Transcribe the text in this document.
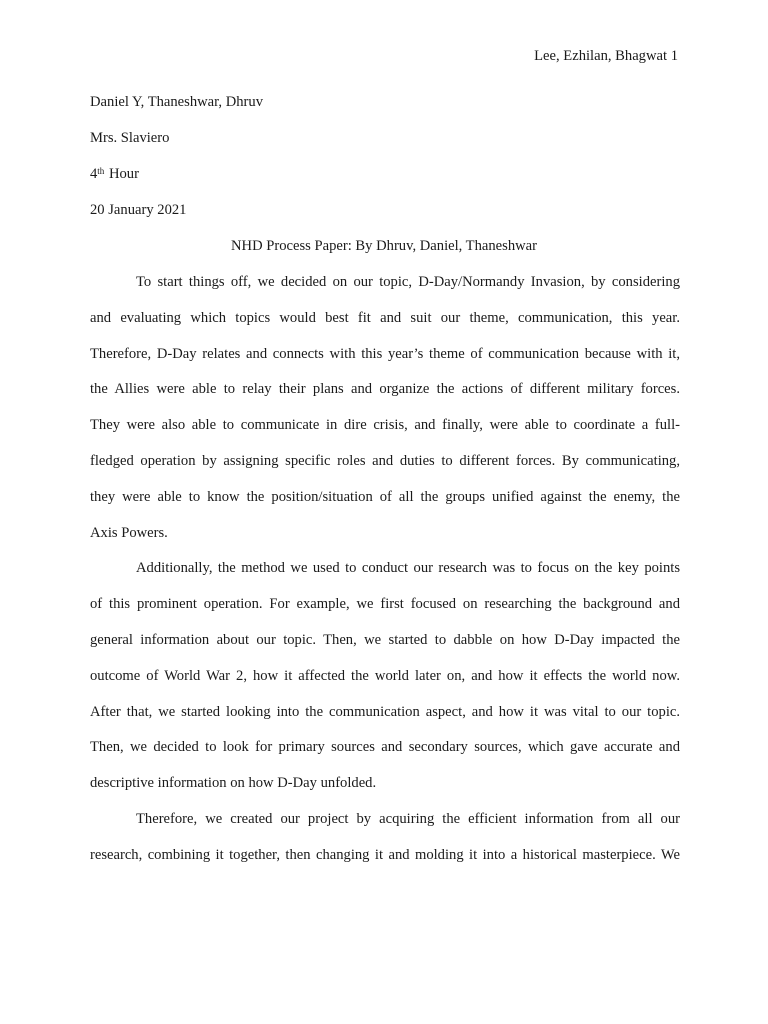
Lee, Ezhilan, Bhagwat 1
Daniel Y, Thaneshwar, Dhruv
Mrs. Slaviero
4th Hour
20 January 2021
NHD Process Paper: By Dhruv, Daniel, Thaneshwar
To start things off, we decided on our topic, D-Day/Normandy Invasion, by considering
and evaluating which topics would best fit and suit our theme, communication, this year.
Therefore, D-Day relates and connects with this year’s theme of communication because with it,
the Allies were able to relay their plans and organize the actions of different military forces.
They were also able to communicate in dire crisis, and finally, were able to coordinate a full-
fledged operation by assigning specific roles and duties to different forces. By communicating,
they were able to know the position/situation of all the groups unified against the enemy, the
Axis Powers.
Additionally, the method we used to conduct our research was to focus on the key points
of this prominent operation. For example, we first focused on researching the background and
general information about our topic. Then, we started to dabble on how D-Day impacted the
outcome of World War 2, how it affected the world later on, and how it effects the world now.
After that, we started looking into the communication aspect, and how it was vital to our topic.
Then, we decided to look for primary sources and secondary sources, which gave accurate and
descriptive information on how D-Day unfolded.
Therefore, we created our project by acquiring the efficient information from all our
research, combining it together, then changing it and molding it into a historical masterpiece. We
